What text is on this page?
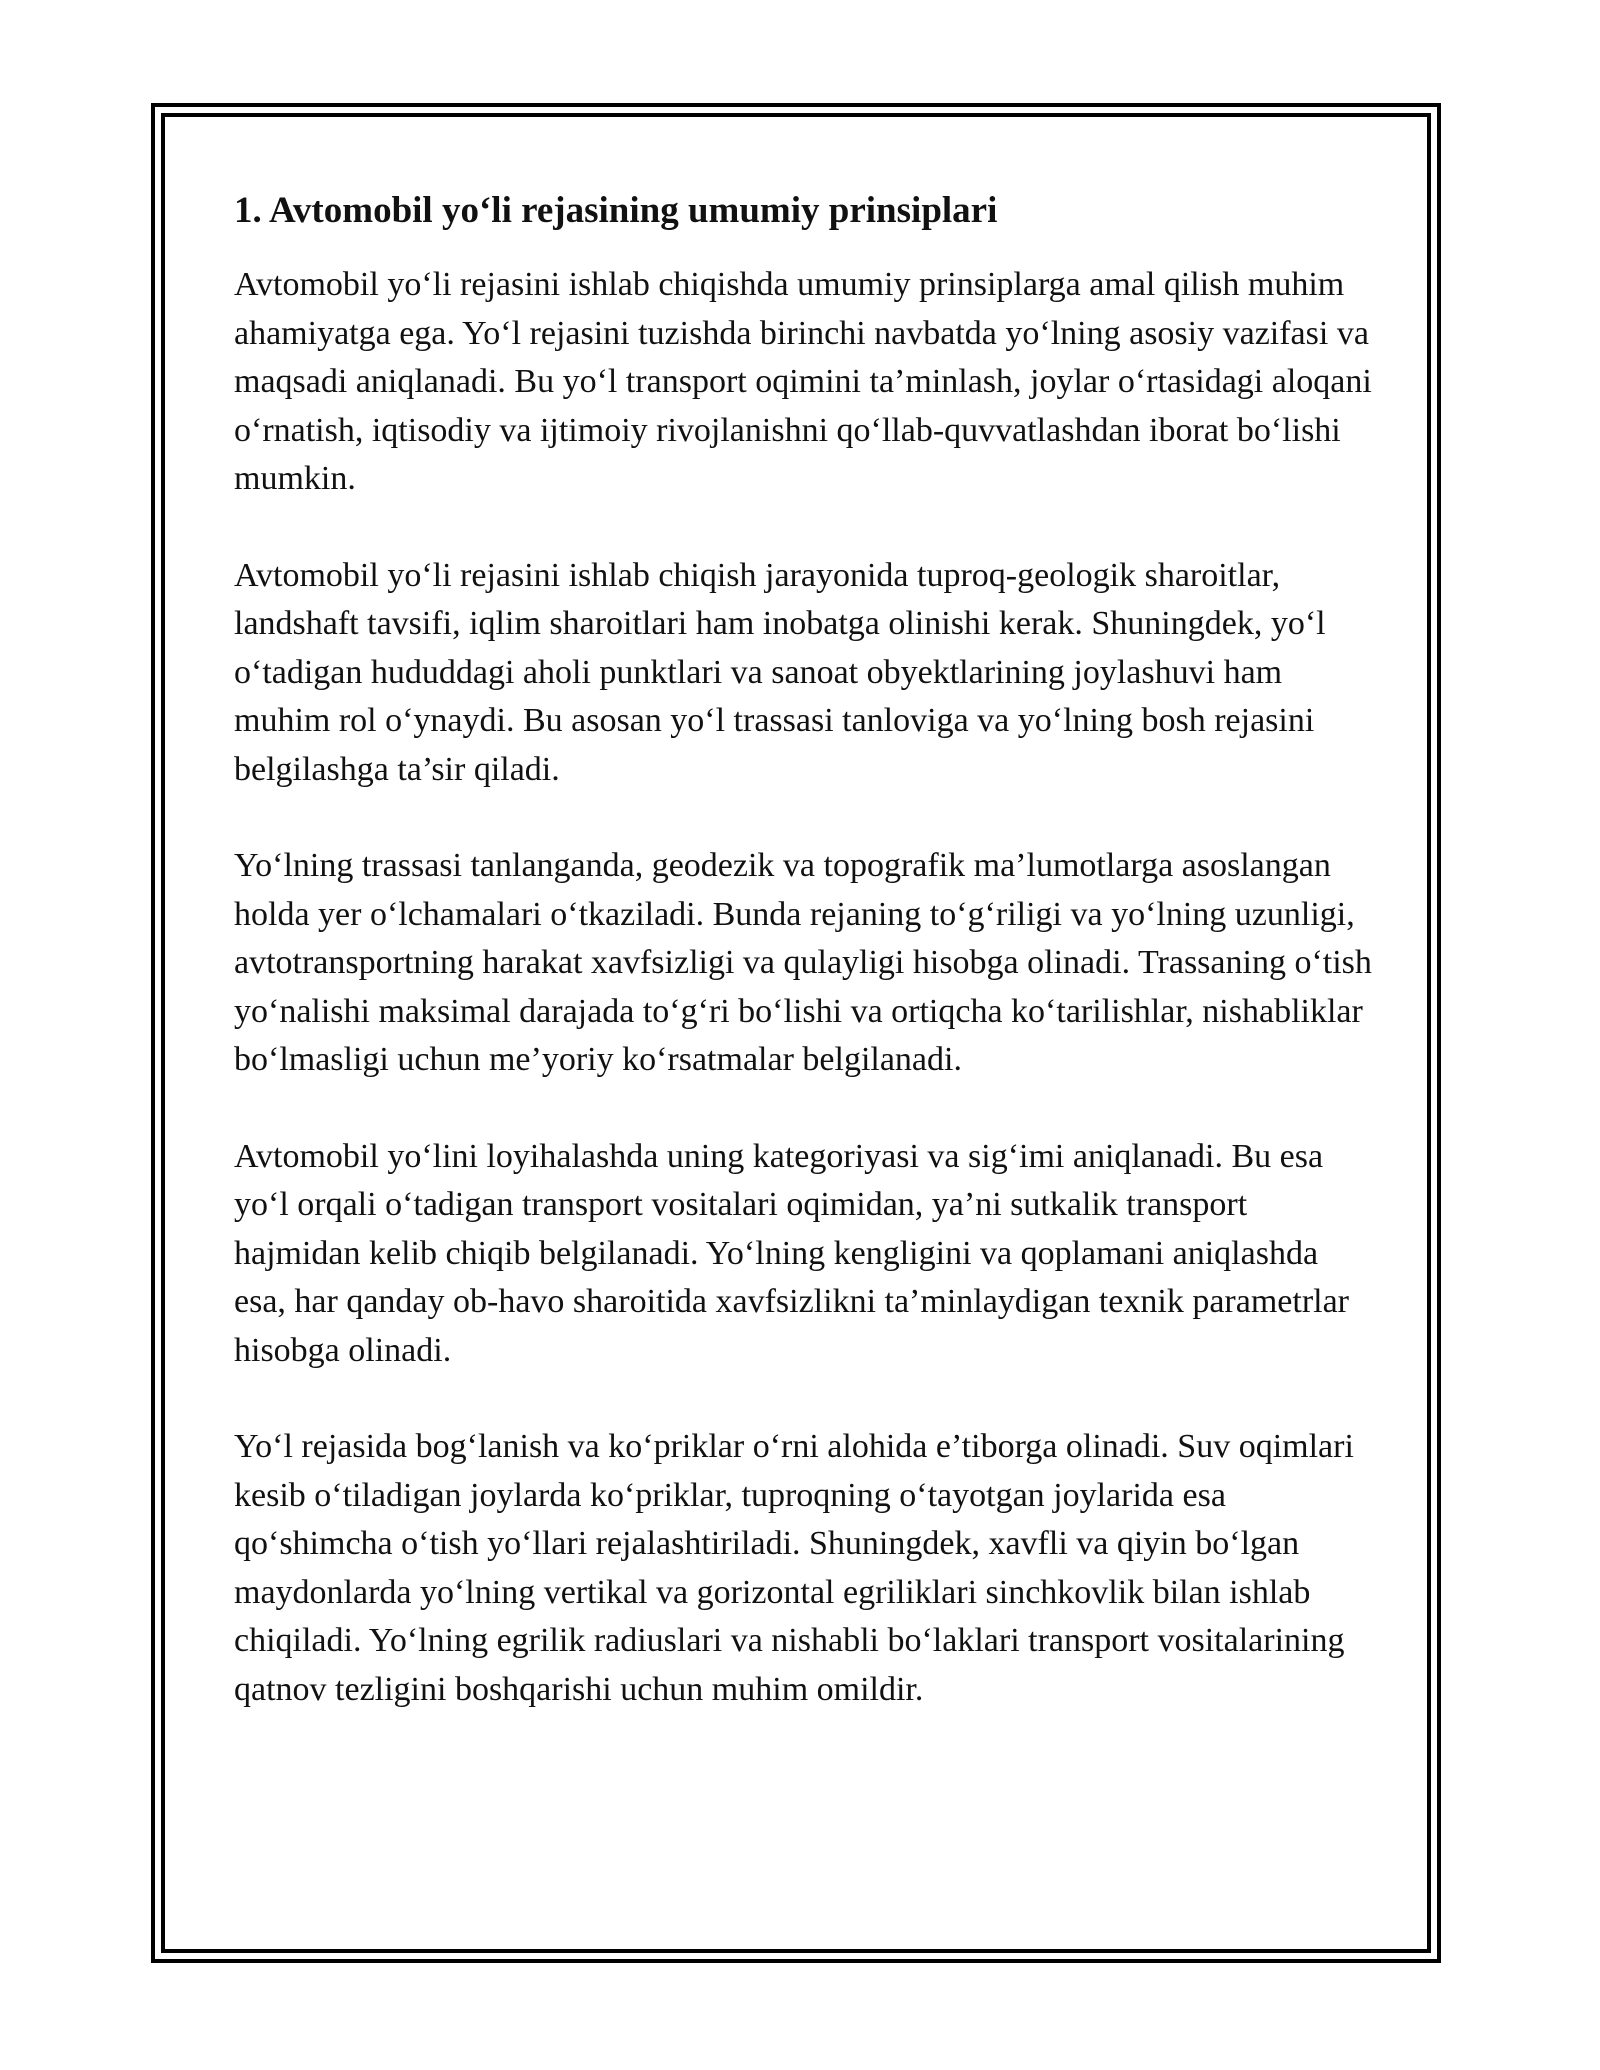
1. Avtomobil yo‘li rejasining umumiy prinsiplari

Avtomobil yo‘li rejasini ishlab chiqishda umumiy prinsiplarga amal qilish muhim ahamiyatga ega. Yo‘l rejasini tuzishda birinchi navbatda yo‘lning asosiy vazifasi va maqsadi aniqlanadi. Bu yo‘l transport oqimini ta’minlash, joylar o‘rtasidagi aloqani o‘rnatish, iqtisodiy va ijtimoiy rivojlanishni qo‘llab-quvvatlashdan iborat bo‘lishi mumkin.

Avtomobil yo‘li rejasini ishlab chiqish jarayonida tuproq-geologik sharoitlar, landshaft tavsifi, iqlim sharoitlari ham inobatga olinishi kerak. Shuningdek, yo‘l o‘tadigan hududdagi aholi punktlari va sanoat obyektlarining joylashuvi ham muhim rol o‘ynaydi. Bu asosan yo‘l trassasi tanloviga va yo‘lning bosh rejasini belgilashga ta’sir qiladi.

Yo‘lning trassasi tanlanganda, geodezik va topografik ma’lumotlarga asoslangan holda yer o‘lchamalari o‘tkaziladi. Bunda rejaning to‘g‘riligi va yo‘lning uzunligi, avtotransportning harakat xavfsizligi va qulayligi hisobga olinadi. Trassaning o‘tish yo‘nalishi maksimal darajada to‘g‘ri bo‘lishi va ortiqcha ko‘tarilishlar, nishabliklar bo‘lmasligi uchun me’yoriy ko‘rsatmalar belgilanadi.

Avtomobil yo‘lini loyihalashda uning kategoriyasi va sig‘imi aniqlanadi. Bu esa yo‘l orqali o‘tadigan transport vositalari oqimidan, ya’ni sutkalik transport hajmidan kelib chiqib belgilanadi. Yo‘lning kengligini va qoplamani aniqlashda esa, har qanday ob-havo sharoitida xavfsizlikni ta’minlaydigan texnik parametrlar hisobga olinadi.

Yo‘l rejasida bog‘lanish va ko‘priklar o‘rni alohida e’tiborga olinadi. Suv oqimlari kesib o‘tiladigan joylarda ko‘priklar, tuproqning o‘tayotgan joylarida esa qo‘shimcha o‘tish yo‘llari rejalashtiriladi. Shuningdek, xavfli va qiyin bo‘lgan maydonlarda yo‘lning vertikal va gorizontal egriliklari sinchkovlik bilan ishlab chiqiladi. Yo‘lning egrilik radiuslari va nishabli bo‘laklari transport vositalarining qatnov tezligini boshqarishi uchun muhim omildir.
